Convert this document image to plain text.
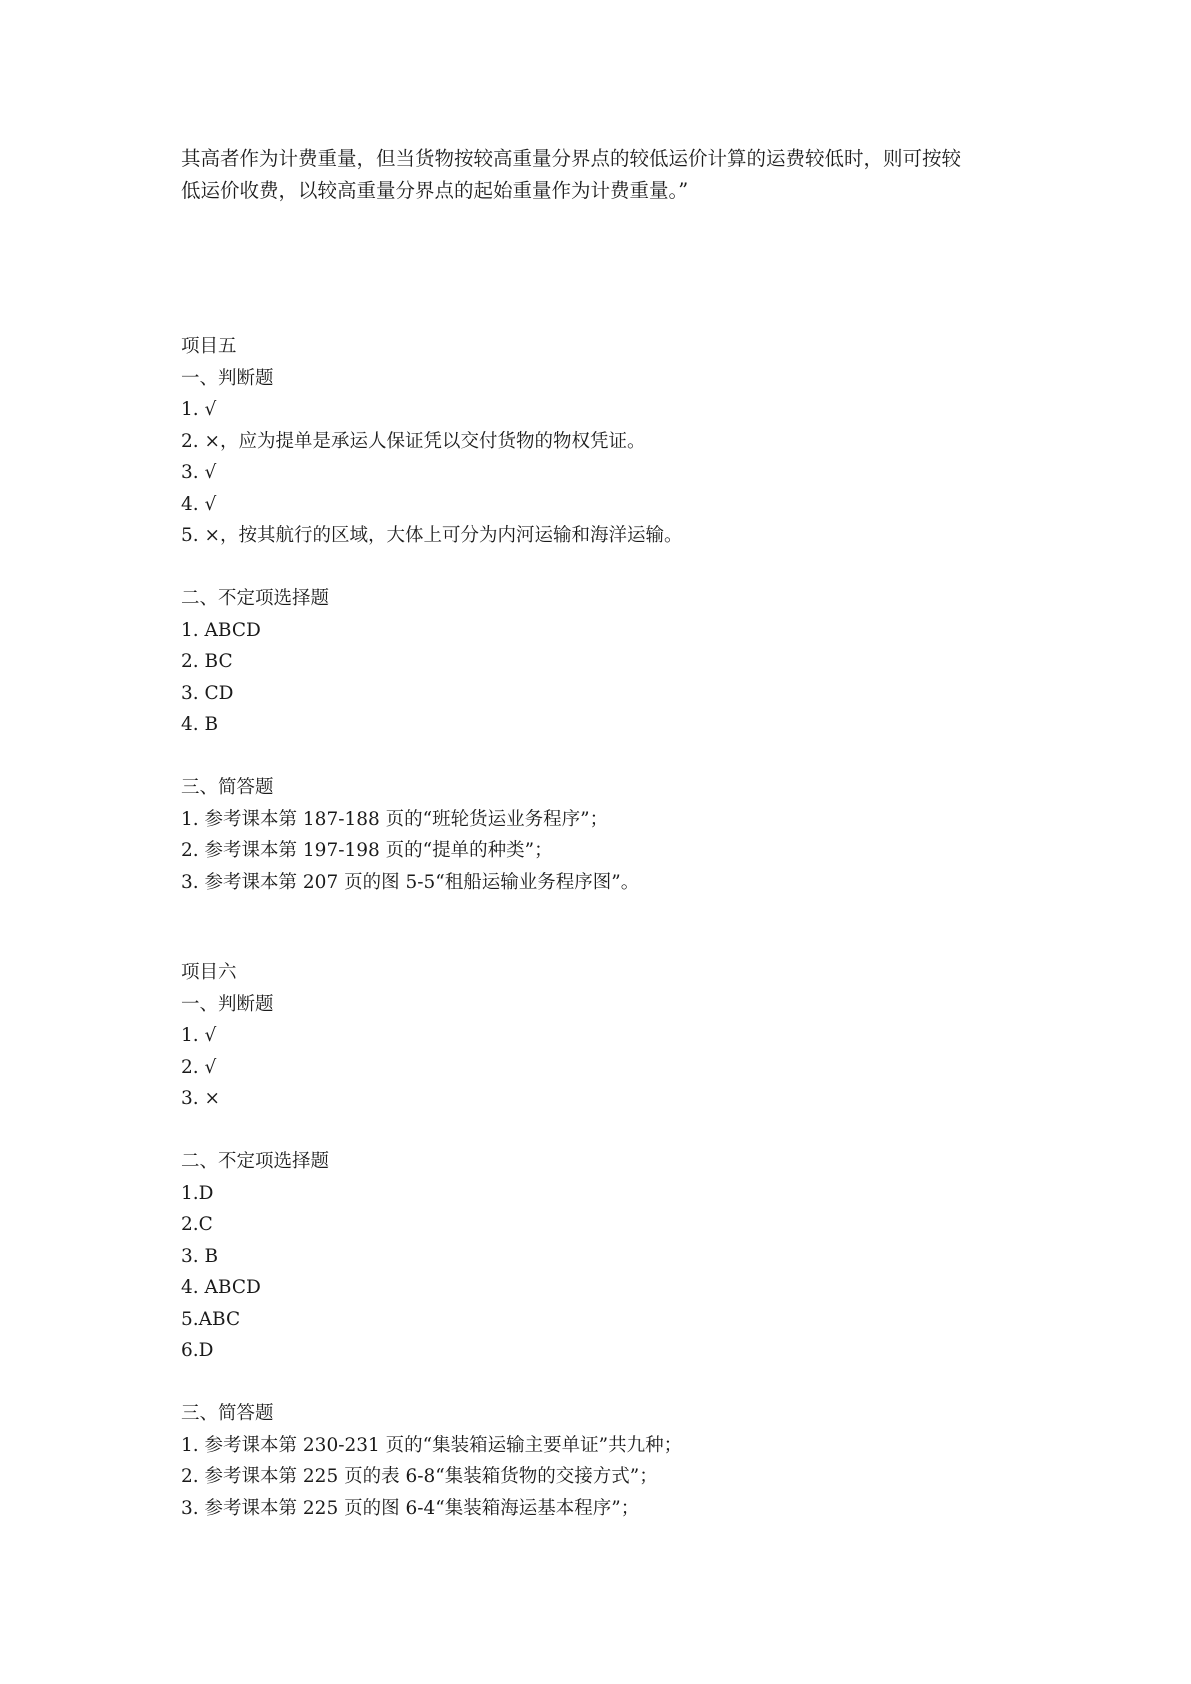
其高者作为计费重量，但当货物按较高重量分界点的较低运价计算的运费较低时，则可按较
低运价收费，以较高重量分界点的起始重量作为计费重量。”
项目五
一、判断题
1. √
2. ×，应为提单是承运人保证凭以交付货物的物权凭证。
3. √
4. √
5. ×，按其航行的区域，大体上可分为内河运输和海洋运输。
二、不定项选择题
1. ABCD
2. BC
3. CD
4. B
三、简答题
1. 参考课本第 187-188 页的“班轮货运业务程序”；
2. 参考课本第 197-198 页的“提单的种类”；
3. 参考课本第 207 页的图 5-5“租船运输业务程序图”。
项目六
一、判断题
1. √
2. √
3. ×
二、不定项选择题
1.D
2.C
3. B
4. ABCD
5.ABC
6.D
三、简答题
1. 参考课本第 230-231 页的“集装箱运输主要单证”共九种；
2. 参考课本第 225 页的表 6-8“集装箱货物的交接方式”；
3. 参考课本第 225 页的图 6-4“集装箱海运基本程序”；
